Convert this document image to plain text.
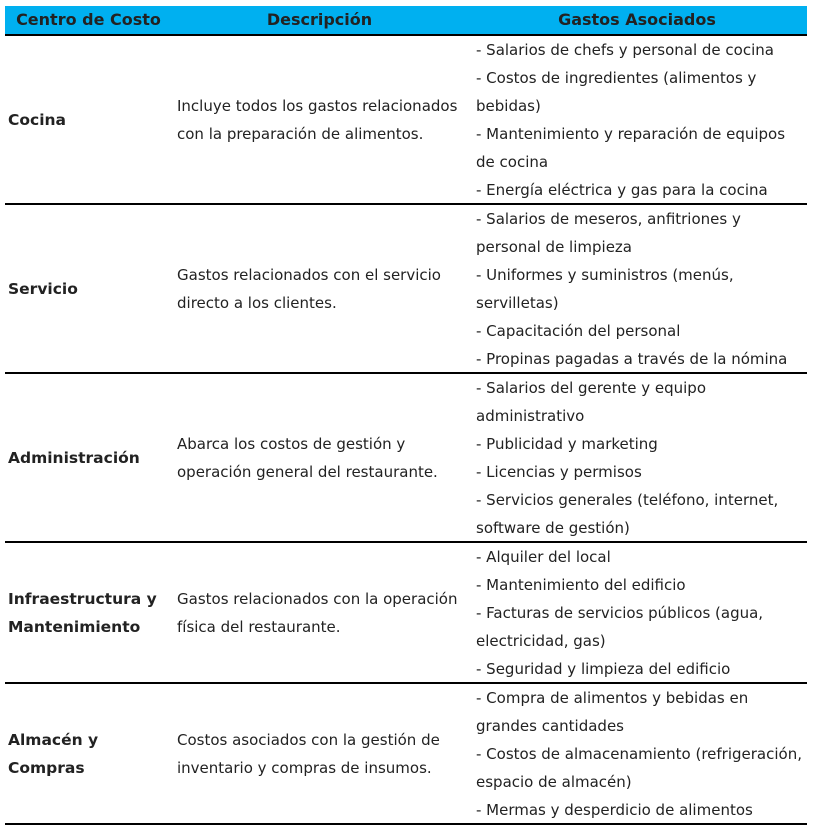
Centro de Costo	Descripción	Gastos Asociados
Cocina
Incluye todos los gastos relacionados con la preparación de alimentos.
- Salarios de chefs y personal de cocina
- Costos de ingredientes (alimentos y bebidas)
- Mantenimiento y reparación de equipos de cocina
- Energía eléctrica y gas para la cocina
Servicio
Gastos relacionados con el servicio directo a los clientes.
- Salarios de meseros, anfitriones y personal de limpieza
- Uniformes y suministros (menús, servilletas)
- Capacitación del personal
- Propinas pagadas a través de la nómina
Administración
Abarca los costos de gestión y operación general del restaurante.
- Salarios del gerente y equipo administrativo
- Publicidad y marketing
- Licencias y permisos
- Servicios generales (teléfono, internet, software de gestión)
Infraestructura y Mantenimiento
Gastos relacionados con la operación física del restaurante.
- Alquiler del local
- Mantenimiento del edificio
- Facturas de servicios públicos (agua, electricidad, gas)
- Seguridad y limpieza del edificio
Almacén y Compras
Costos asociados con la gestión de inventario y compras de insumos.
- Compra de alimentos y bebidas en grandes cantidades
- Costos de almacenamiento (refrigeración, espacio de almacén)
- Mermas y desperdicio de alimentos
